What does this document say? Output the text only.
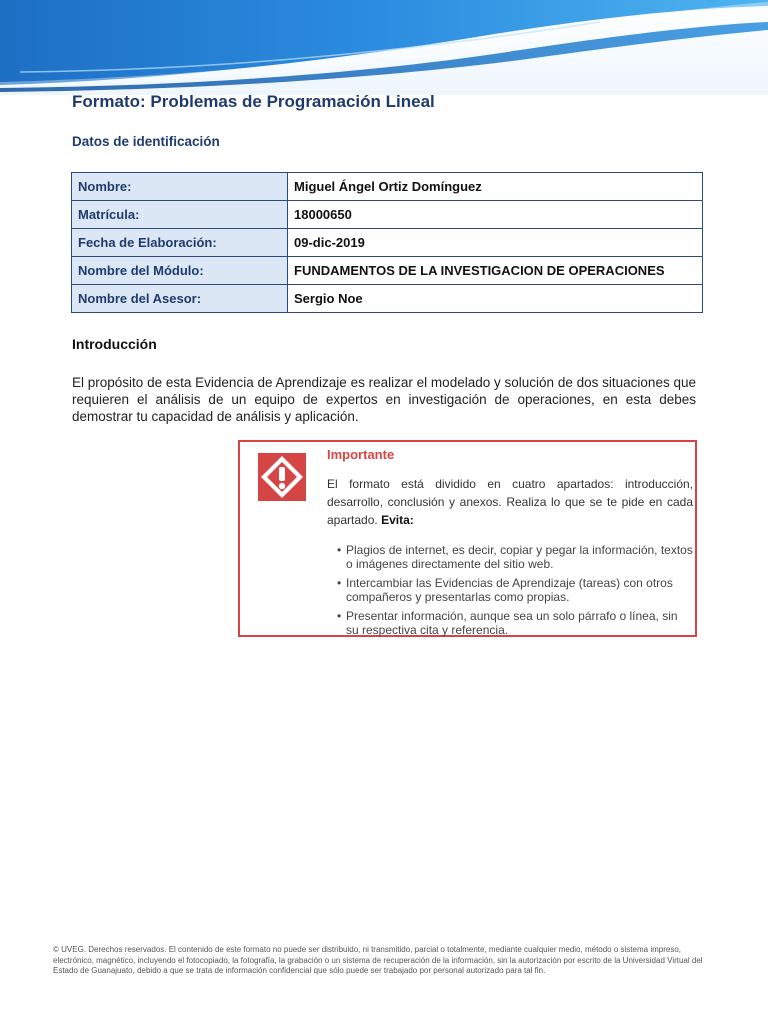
Formato: Problemas de Programación Lineal
Datos de identificación
Nombre:	Miguel Ángel Ortiz Domínguez
Matrícula:	18000650
Fecha de Elaboración:	09-dic-2019
Nombre del Módulo:	FUNDAMENTOS DE LA INVESTIGACION DE OPERACIONES
Nombre del Asesor:	Sergio Noe
Introducción

El propósito de esta Evidencia de Aprendizaje es realizar el modelado y solución de dos situaciones que requieren el análisis de un equipo de expertos en investigación de operaciones, en esta debes demostrar tu capacidad de análisis y aplicación.

Importante

El formato está dividido en cuatro apartados: introducción, desarrollo, conclusión y anexos. Realiza lo que se te pide en cada apartado. Evita:

• Plagios de internet, es decir, copiar y pegar la información, textos o imágenes directamente del sitio web.
• Intercambiar las Evidencias de Aprendizaje (tareas) con otros compañeros y presentarlas como propias.
• Presentar información, aunque sea un solo párrafo o línea, sin su respectiva cita y referencia.

© UVEG. Derechos reservados. El contenido de este formato no puede ser distribuido, ni transmitido, parcial o totalmente, mediante cualquier medio, método o sistema impreso, electrónico, magnético, incluyendo el fotocopiado, la fotografía, la grabación o un sistema de recuperación de la información, sin la autorización por escrito de la Universidad Virtual del Estado de Guanajuato, debido a que se trata de información confidencial que sólo puede ser trabajado por personal autorizado para tal fin.
